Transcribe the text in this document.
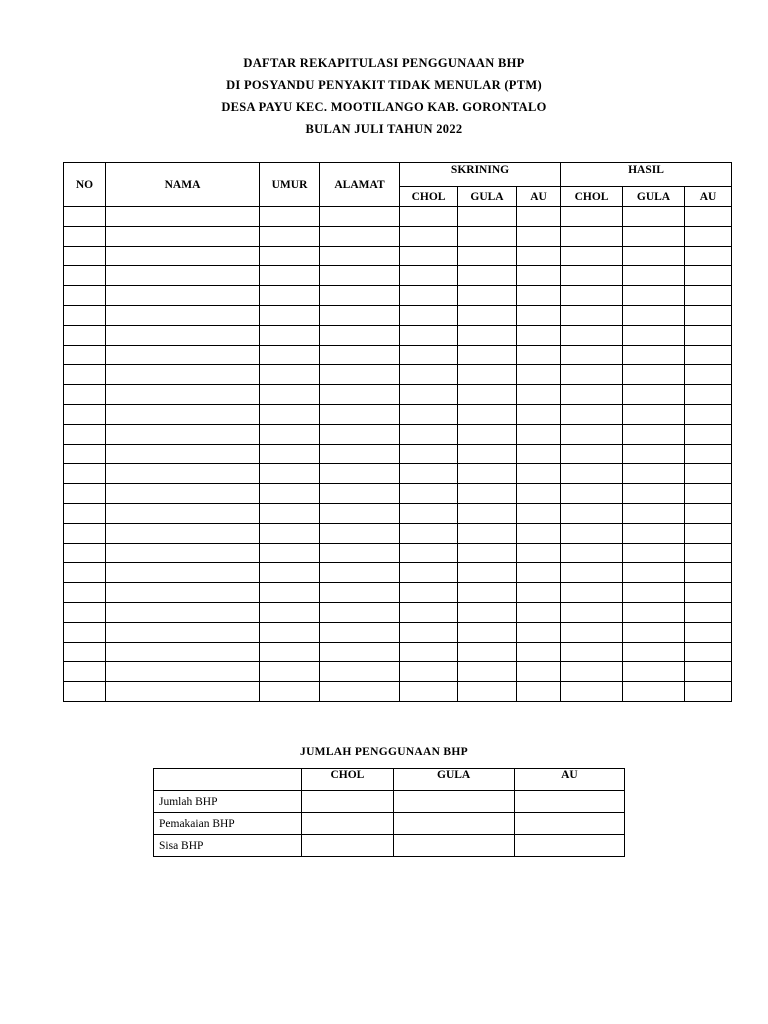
DAFTAR REKAPITULASI PENGGUNAAN BHP
DI POSYANDU PENYAKIT TIDAK MENULAR (PTM)
DESA PAYU KEC. MOOTILANGO KAB. GORONTALO
BULAN JULI TAHUN 2022
NO	NAMA	UMUR	ALAMAT	SKRINING			HASIL		
				CHOL	GULA	AU	CHOL	GULA	AU

JUMLAH PENGGUNAAN BHP
	CHOL	GULA	AU
Jumlah BHP			
Pemakaian BHP			
Sisa BHP			
